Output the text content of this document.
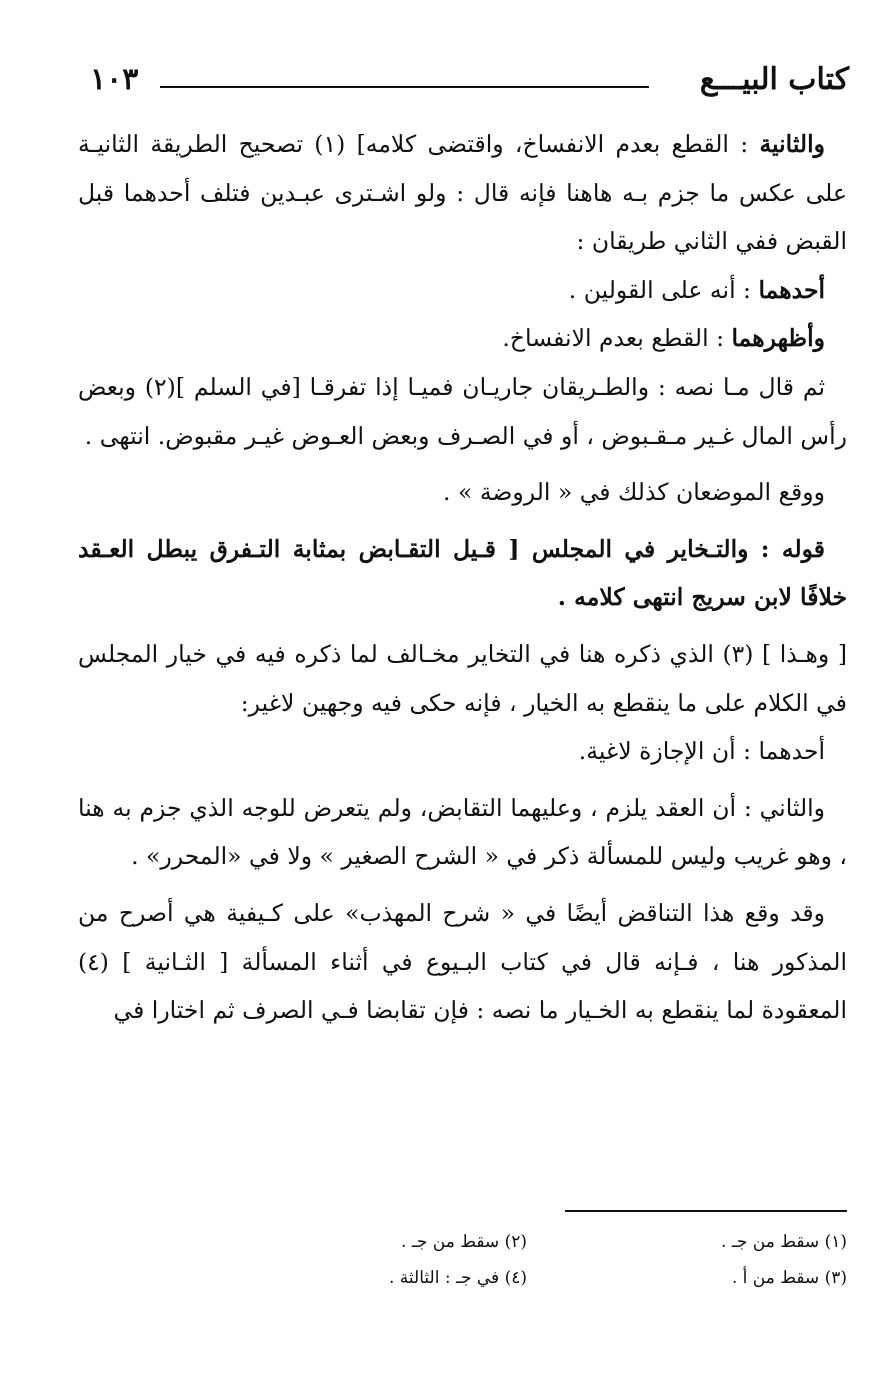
كتاب البيـــع
١٠٣

والثانية : القطع بعدم الانفساخ، واقتضى كلامه] (١) تصحيح الطريقة الثانيـة على عكس ما جزم بـه هاهنا فإنه قال : ولو اشـترى عبـدين فتلف أحدهما قبل القبض ففي الثاني طريقان :

أحدهما : أنه على القولين .

وأظهرهما : القطع بعدم الانفساخ.

ثم قال مـا نصه : والطـريقان جاريـان فميـا إذا تفرقـا [في السلم ](٢) وبعض رأس المال غـير مـقـبوض ، أو في الصـرف وبعض العـوض غيـر مقبوض. انتهى .

ووقع الموضعان كذلك في « الروضة » .

قوله : والتـخاير في المجلس [ قـيل التقـابض بمثابة التـفرق يبطل العـقد خلافًا لابن سريج انتهى كلامه .

[ وهـذا ] (٣) الذي ذكره هنا في التخاير مخـالف لما ذكره فيه في خيار المجلس في الكلام على ما ينقطع به الخيار ، فإنه حكى فيه وجهين لاغير:

أحدهما : أن الإجازة لاغية.

والثاني : أن العقد يلزم ، وعليهما التقابض، ولم يتعرض للوجه الذي جزم به هنا ، وهو غريب وليس للمسألة ذكر في « الشرح الصغير » ولا في «المحرر» .

وقد وقع هذا التناقض أيضًا في « شرح المهذب» على كـيفية هي أصرح من المذكور هنا ، فـإنه قال في كتاب البـيوع في أثناء المسألة [ الثـانية ] (٤) المعقودة لما ينقطع به الخـيار ما نصه : فإن تقابضا فـي الصرف ثم اختارا في

(١) سقط من جـ .
(٢) سقط من جـ .
(٣) سقط من أ .
(٤) في جـ : الثالثة .
